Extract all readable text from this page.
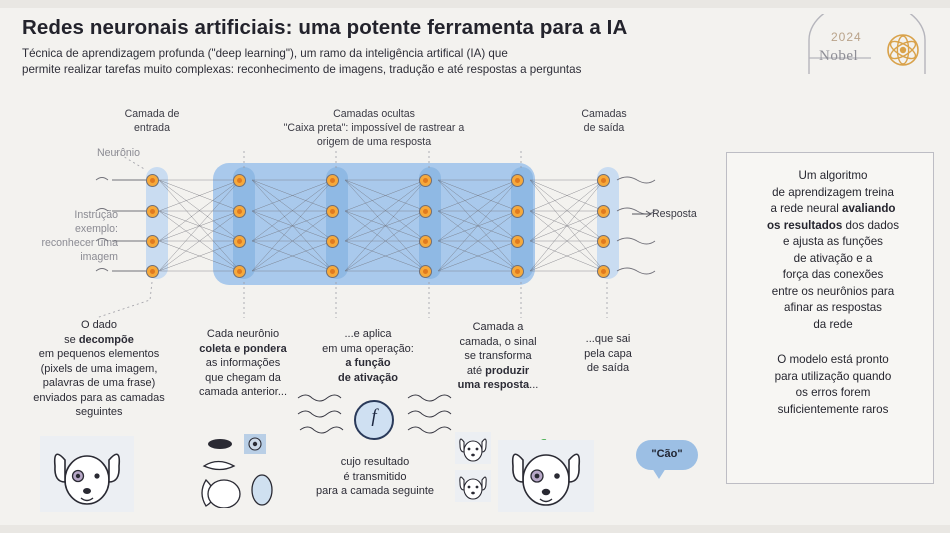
Redes neuronais artificiais: uma potente ferramenta para a IA
Técnica de aprendizagem profunda ("deep learning"), um ramo da inteligência artifical (IA) que
permite realizar tarefas muito complexas: reconhecimento de imagens, tradução e até respostas a perguntas
2024
Nobel
Camada de
entrada
Camadas ocultas
"Caixa preta": impossível de rastrear a
origem de uma resposta
Camadas
de saída
Neurônio
Instrução
exemplo:
reconhecer uma
imagem
Resposta
O dado
se decompõe
em pequenos elementos
(pixels de uma imagem,
palavras de uma frase)
enviados para as camadas
seguintes
Cada neurônio
coleta e pondera
as informações
que chegam da
camada anterior...
...e aplica
em uma operação:
a função
de ativação
Camada a
camada, o sinal
se transforma
até produzir
uma resposta...
...que sai
pela capa
de saída
f
cujo resultado
é transmitido
para a camada seguinte
"Cão"
Um algoritmo
de aprendizagem treina
a rede neural avaliando
os resultados dos dados
e ajusta as funções
de ativação e a
força das conexões
entre os neurônios para
afinar as respostas
da rede
O modelo está pronto
para utilização quando
os erros forem
suficientemente raros
